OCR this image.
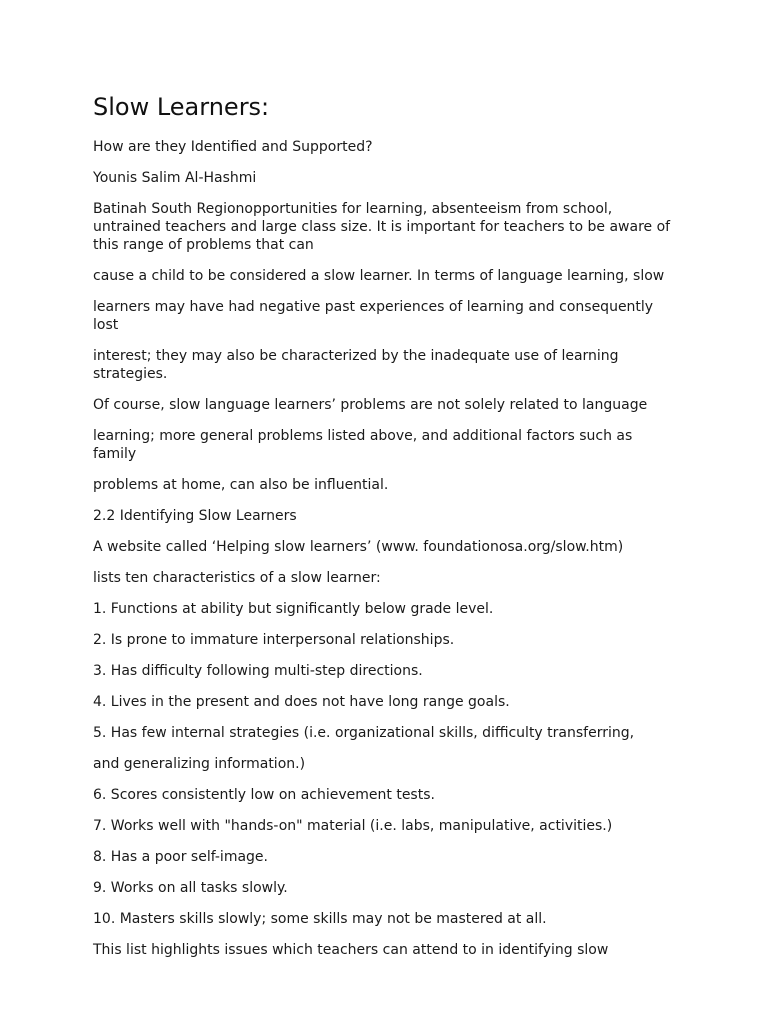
Slow Learners:

How are they Identified and Supported?

Younis Salim Al-Hashmi

Batinah South Regionopportunities for learning, absenteeism from school, untrained teachers and large class size. It is important for teachers to be aware of this range of problems that can

cause a child to be considered a slow learner. In terms of language learning, slow

learners may have had negative past experiences of learning and consequently lost

interest; they may also be characterized by the inadequate use of learning strategies.

Of course, slow language learners’ problems are not solely related to language

learning; more general problems listed above, and additional factors such as family

problems at home, can also be influential.

2.2 Identifying Slow Learners

A website called ‘Helping slow learners’ (www. foundationosa.org/slow.htm)

lists ten characteristics of a slow learner:

1. Functions at ability but significantly below grade level.

2. Is prone to immature interpersonal relationships.

3. Has difficulty following multi-step directions.

4. Lives in the present and does not have long range goals.

5. Has few internal strategies (i.e. organizational skills, difficulty transferring,

and generalizing information.)

6. Scores consistently low on achievement tests.

7. Works well with "hands-on" material (i.e. labs, manipulative, activities.)

8. Has a poor self-image.

9. Works on all tasks slowly.

10. Masters skills slowly; some skills may not be mastered at all.

This list highlights issues which teachers can attend to in identifying slow
